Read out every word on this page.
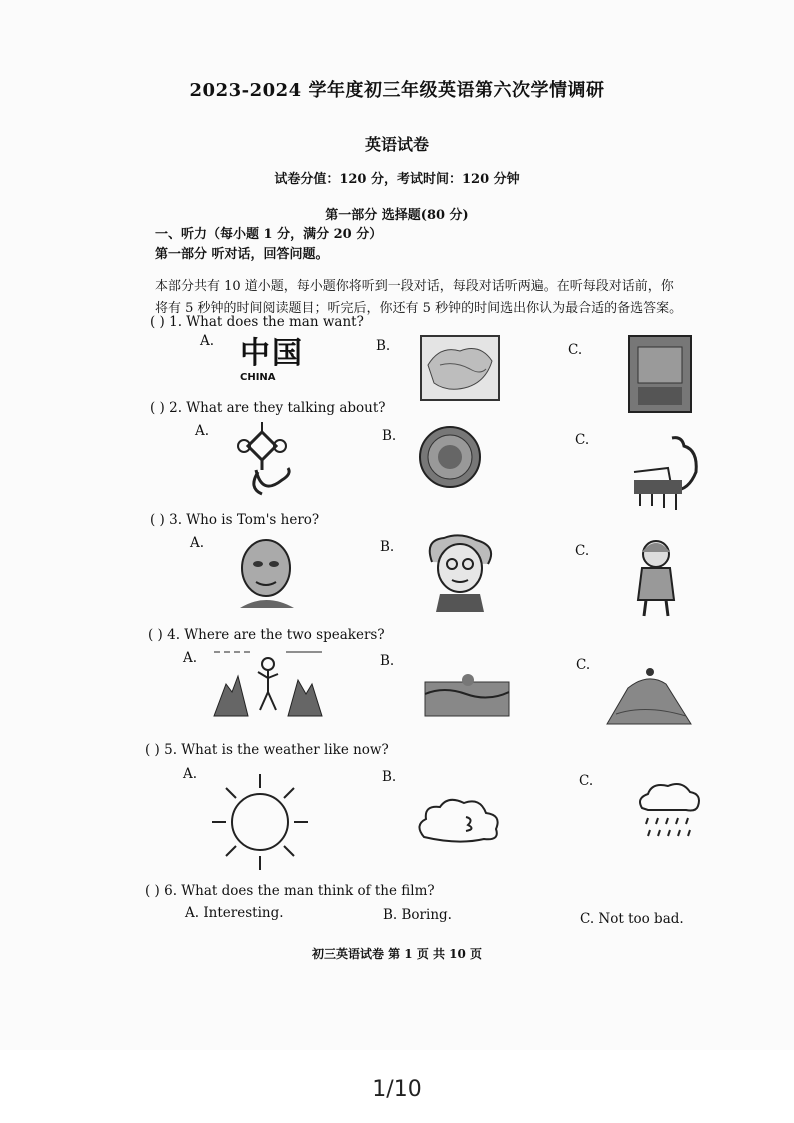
2023-2024 学年度初三年级英语第六次学情调研
英语试卷
试卷分值：120 分，考试时间：120 分钟
第一部分 选择题(80 分)
一、听力（每小题 1 分，满分 20 分）
第一部分 听对话，回答问题。
本部分共有 10 道小题，每小题你将听到一段对话，每段对话听两遍。在听每段对话前，你
将有 5 秒钟的时间阅读题目；听完后，你还有 5 秒钟的时间选出你认为最合适的备选答案。
( ) 1. What does the man want?
A.	B.	C.
中国
CHINA
( ) 2. What are they talking about?
A.	B.	C.
( ) 3. Who is Tom's hero?
A.	B.	C.
( ) 4. Where are the two speakers?
A.	B.	C.
( ) 5. What is the weather like now?
A.	B.	C.
( ) 6. What does the man think of the film?
A. Interesting.	B. Boring.	C. Not too bad.
初三英语试卷 第 1 页 共 10 页
1/10
